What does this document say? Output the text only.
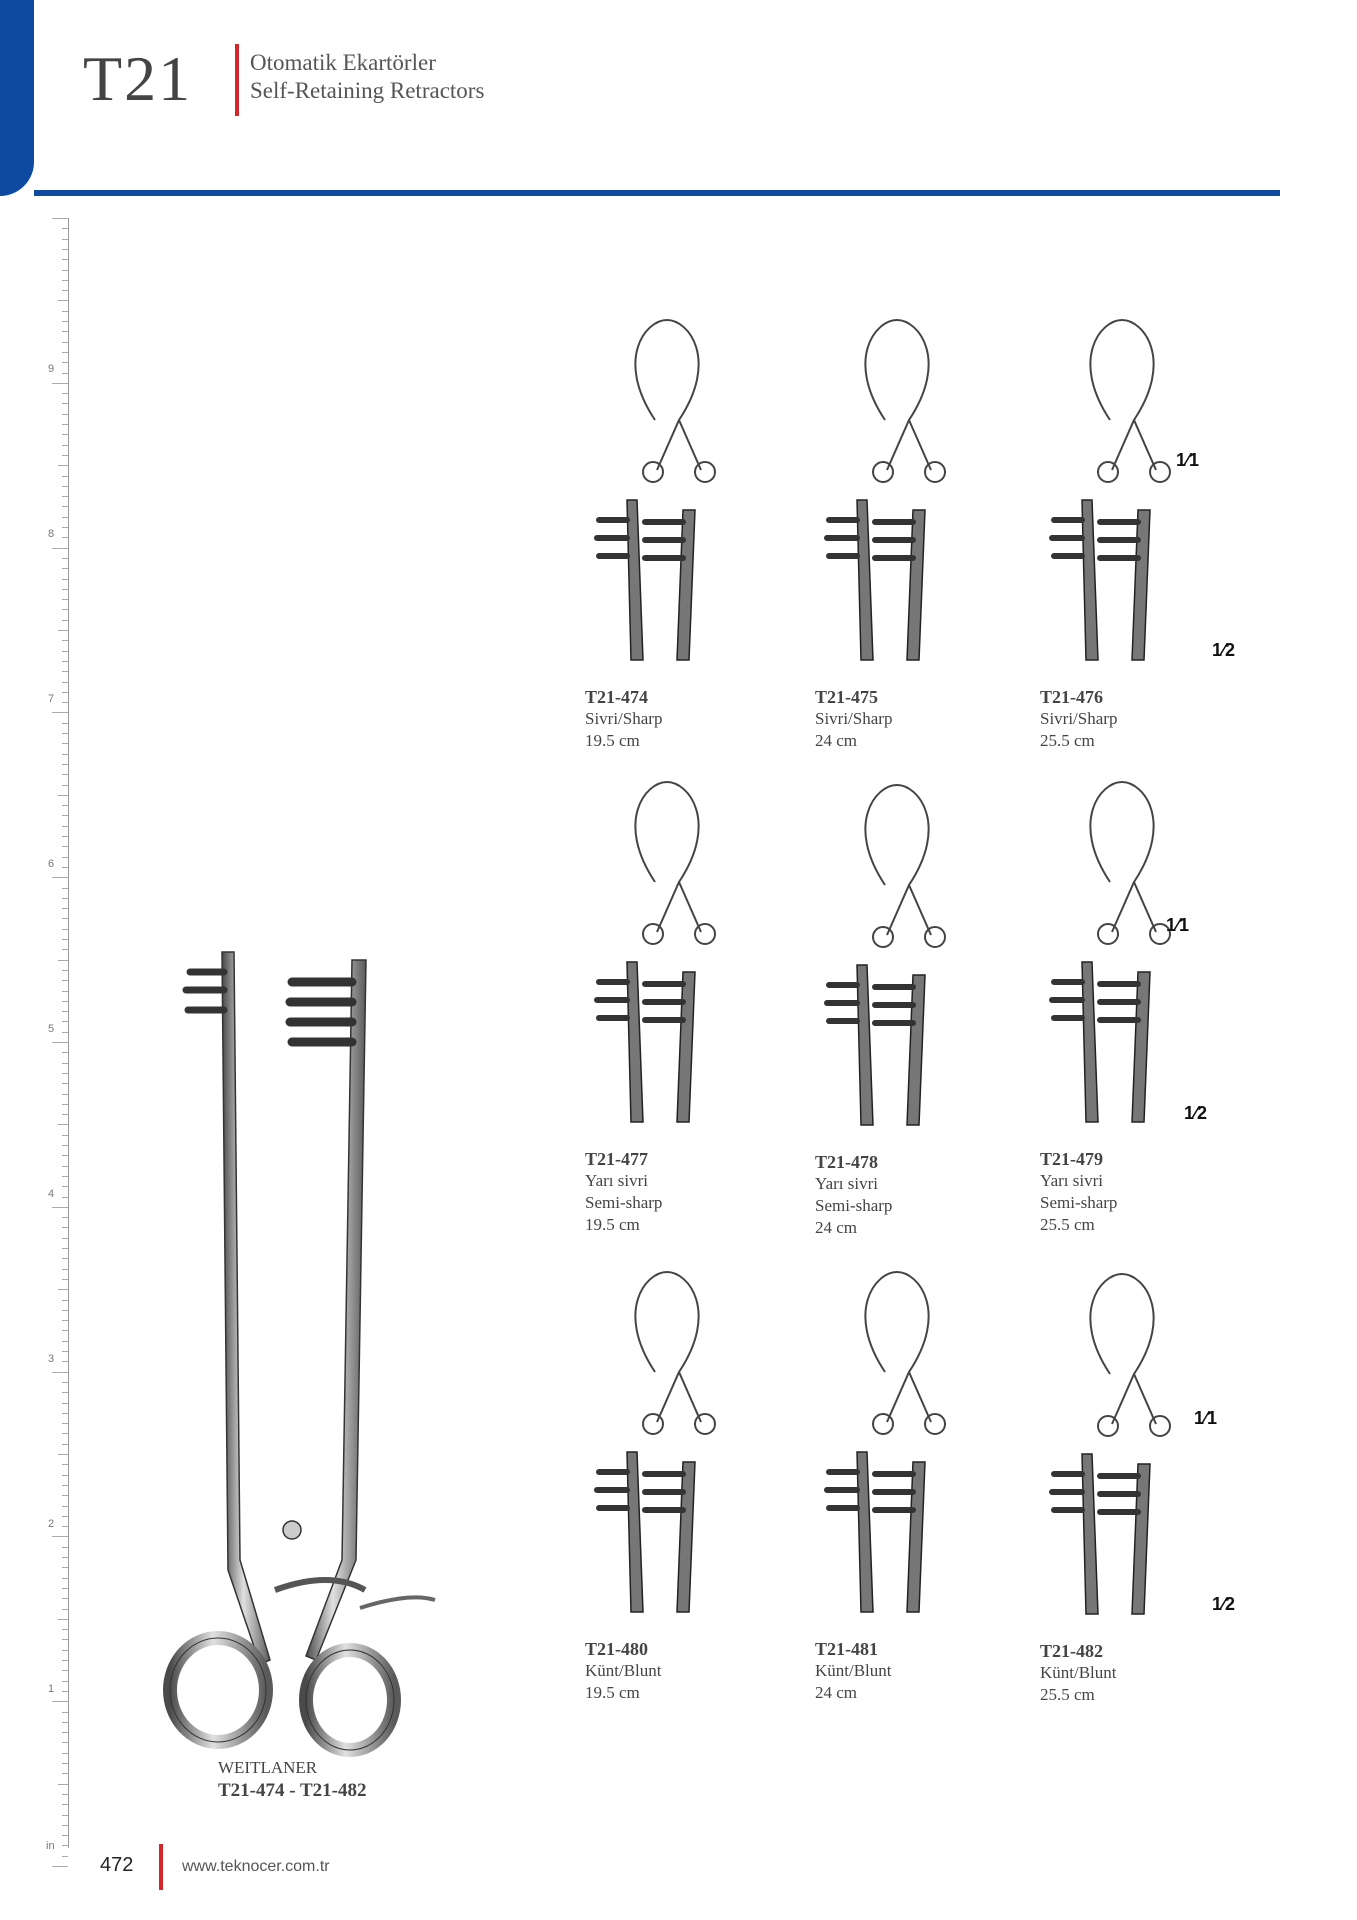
T21	Otomatik Ekartörler
Self-Retaining Retractors
9
8
7
6
5
4
3
2
1
in
T21-474
Sivri/Sharp
19.5 cm
T21-475
Sivri/Sharp
24 cm
T21-476
Sivri/Sharp
25.5 cm
T21-477
Yarı sivri
Semi-sharp
19.5 cm
T21-478
Yarı sivri
Semi-sharp
24 cm
T21-479
Yarı sivri
Semi-sharp
25.5 cm
T21-480
Künt/Blunt
19.5 cm
T21-481
Künt/Blunt
24 cm
T21-482
Künt/Blunt
25.5 cm
1⁄1
1⁄2
1⁄1
1⁄2
1⁄1
1⁄2
WEITLANER
T21-474 - T21-482
472	www.teknocer.com.tr
